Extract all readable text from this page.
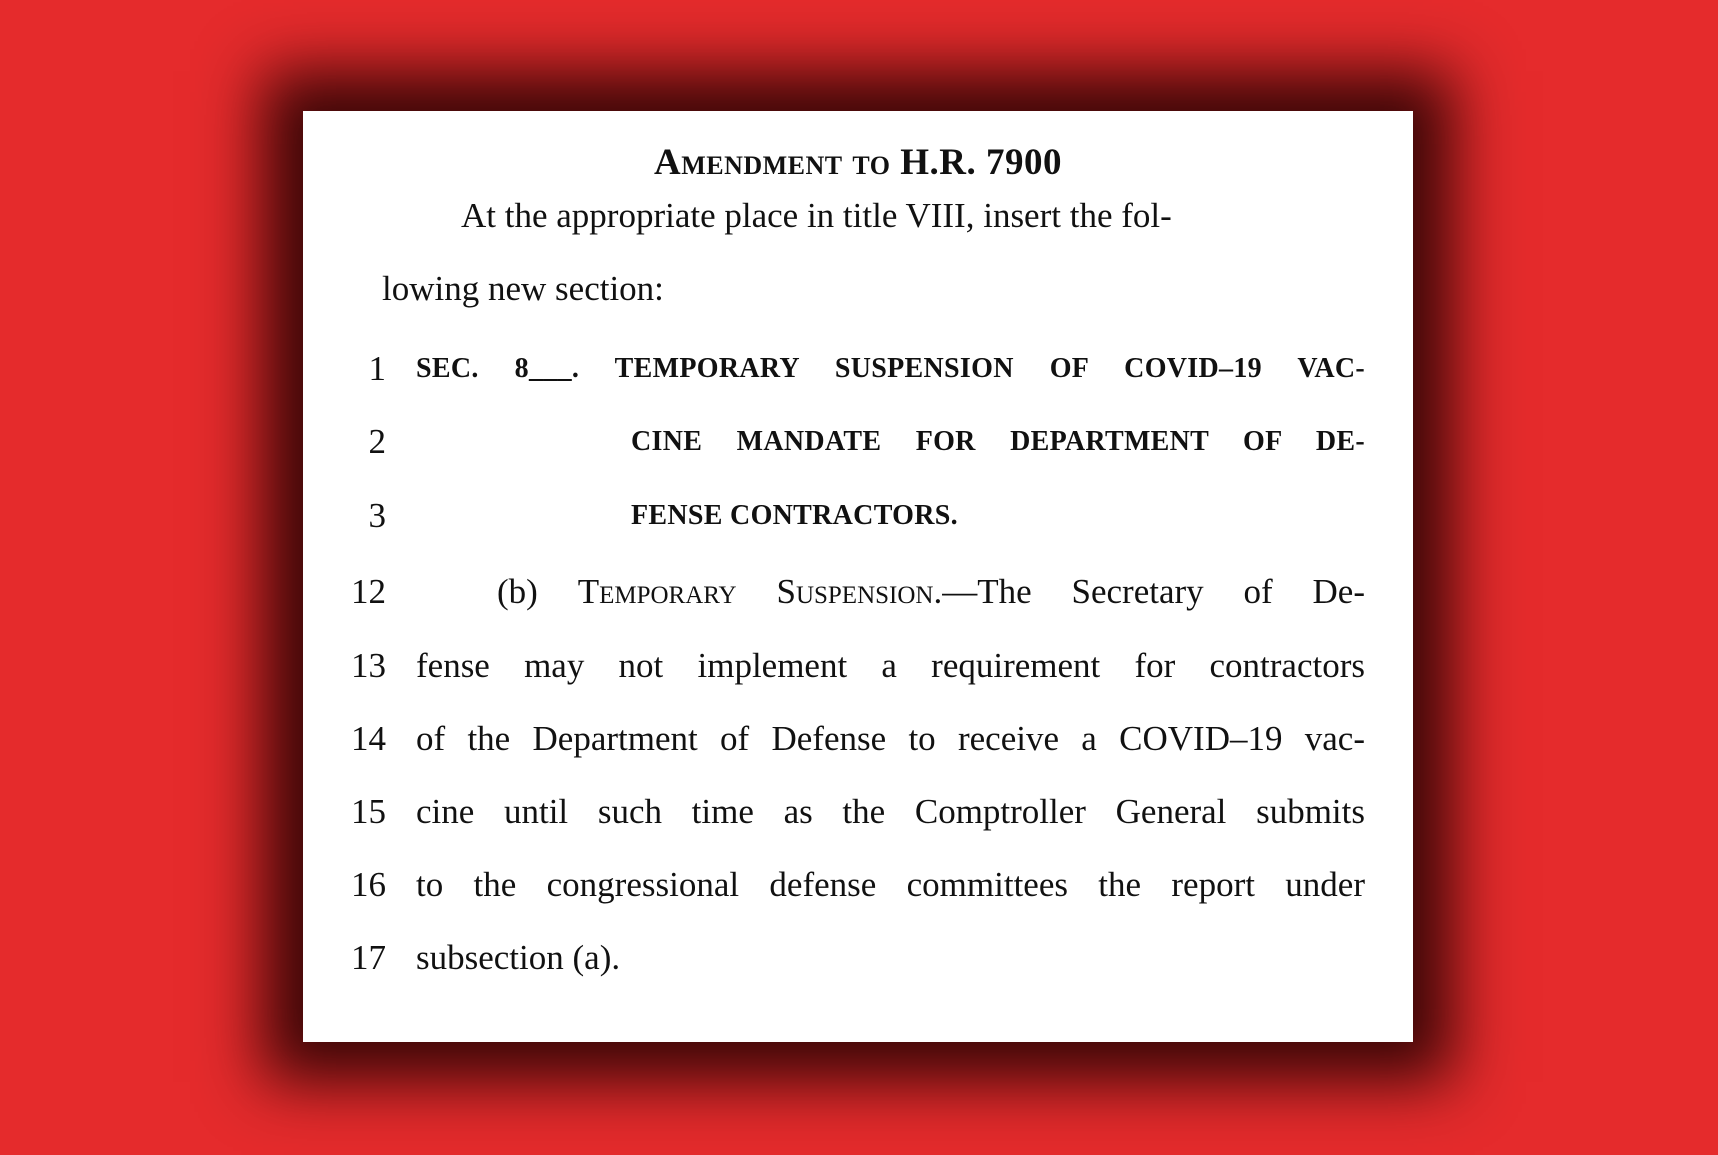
Amendment to H.R. 7900
At the appropriate place in title VIII, insert the fol-
lowing new section:
1 SEC. 8___. TEMPORARY SUSPENSION OF COVID–19 VAC-
2	CINE MANDATE FOR DEPARTMENT OF DE-
3	FENSE CONTRACTORS.
12	(b) Temporary Suspension.—The Secretary of De-
13 fense may not implement a requirement for contractors
14 of the Department of Defense to receive a COVID–19 vac-
15 cine until such time as the Comptroller General submits
16 to the congressional defense committees the report under
17 subsection (a).
